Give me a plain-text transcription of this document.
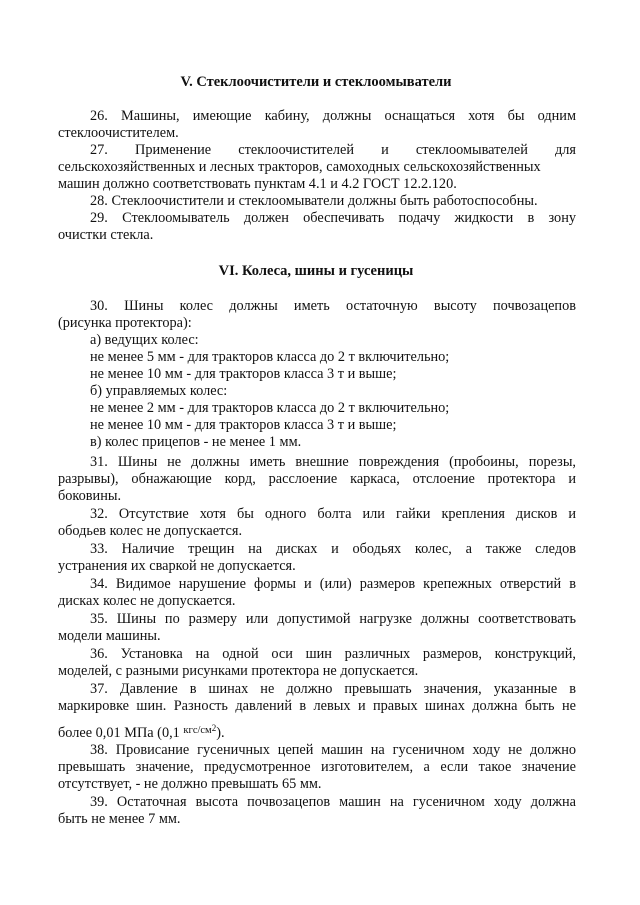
V. Стеклоочистители и стеклоомыватели
26. Машины, имеющие кабину, должны оснащаться хотя бы одним
стеклоочистителем.
27. Применение стеклоочистителей и стеклоомывателей для
сельскохозяйственных и лесных тракторов, самоходных сельскохозяйственных
машин должно соответствовать пунктам 4.1 и 4.2 ГОСТ 12.2.120.
28. Стеклоочистители и стеклоомыватели должны быть работоспособны.
29. Стеклоомыватель должен обеспечивать подачу жидкости в зону
очистки стекла.
VI. Колеса, шины и гусеницы
30. Шины колес должны иметь остаточную высоту почвозацепов
(рисунка протектора):
а) ведущих колес:
не менее 5 мм - для тракторов класса до 2 т включительно;
не менее 10 мм - для тракторов класса 3 т и выше;
б) управляемых колес:
не менее 2 мм - для тракторов класса до 2 т включительно;
не менее 10 мм - для тракторов класса 3 т и выше;
в) колес прицепов - не менее 1 мм.
31. Шины не должны иметь внешние повреждения (пробоины, порезы,
разрывы), обнажающие корд, расслоение каркаса, отслоение протектора и
боковины.
32. Отсутствие хотя бы одного болта или гайки крепления дисков и
ободьев колес не допускается.
33. Наличие трещин на дисках и ободьях колес, а также следов
устранения их сваркой не допускается.
34. Видимое нарушение формы и (или) размеров крепежных отверстий в
дисках колес не допускается.
35. Шины по размеру или допустимой нагрузке должны соответствовать
модели машины.
36. Установка на одной оси шин различных размеров, конструкций,
моделей, с разными рисунками протектора не допускается.
37. Давление в шинах не должно превышать значения, указанные в
маркировке шин. Разность давлений в левых и правых шинах должна быть не
более 0,01 МПа (0,1 $^{кгс/см2}$).
38. Провисание гусеничных цепей машин на гусеничном ходу не должно
превышать значение, предусмотренное изготовителем, а если такое значение
отсутствует, - не должно превышать 65 мм.
39. Остаточная высота почвозацепов машин на гусеничном ходу должна
быть не менее 7 мм.
